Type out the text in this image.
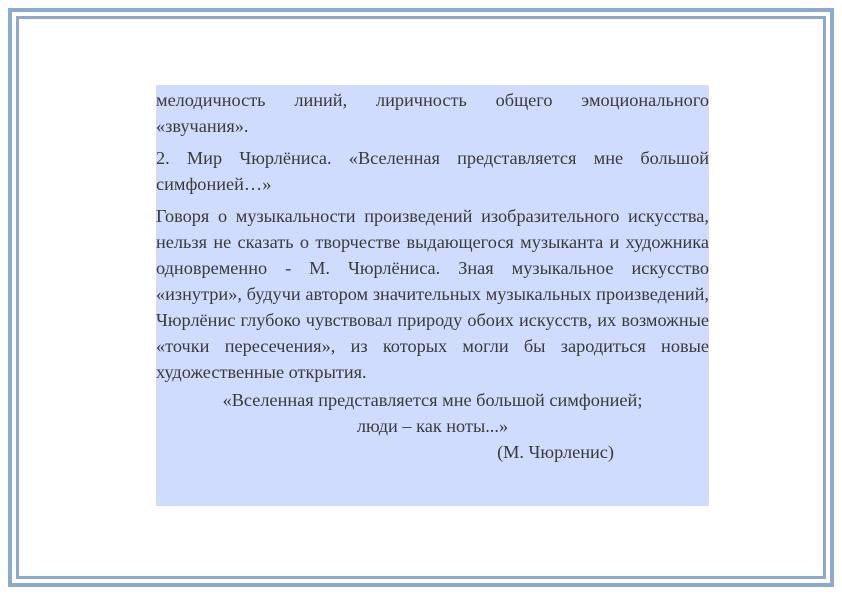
мелодичность линий, лиричность общего эмоционального «звучания».

2. Мир Чюрлёниса. «Вселенная представляется мне большой симфонией…»

Говоря о музыкальности произведений изобразительного искусства, нельзя не сказать о творчестве выдающегося музыканта и художника одновременно - М. Чюрлёниса. Зная музыкальное искусство «изнутри», будучи автором значительных музыкальных произведений, Чюрлёнис глубоко чувствовал природу обоих искусств, их возможные «точки пересечения», из которых могли бы зародиться новые художественные открытия.

«Вселенная представляется мне большой симфонией;
люди – как ноты...»
(М. Чюрленис)
